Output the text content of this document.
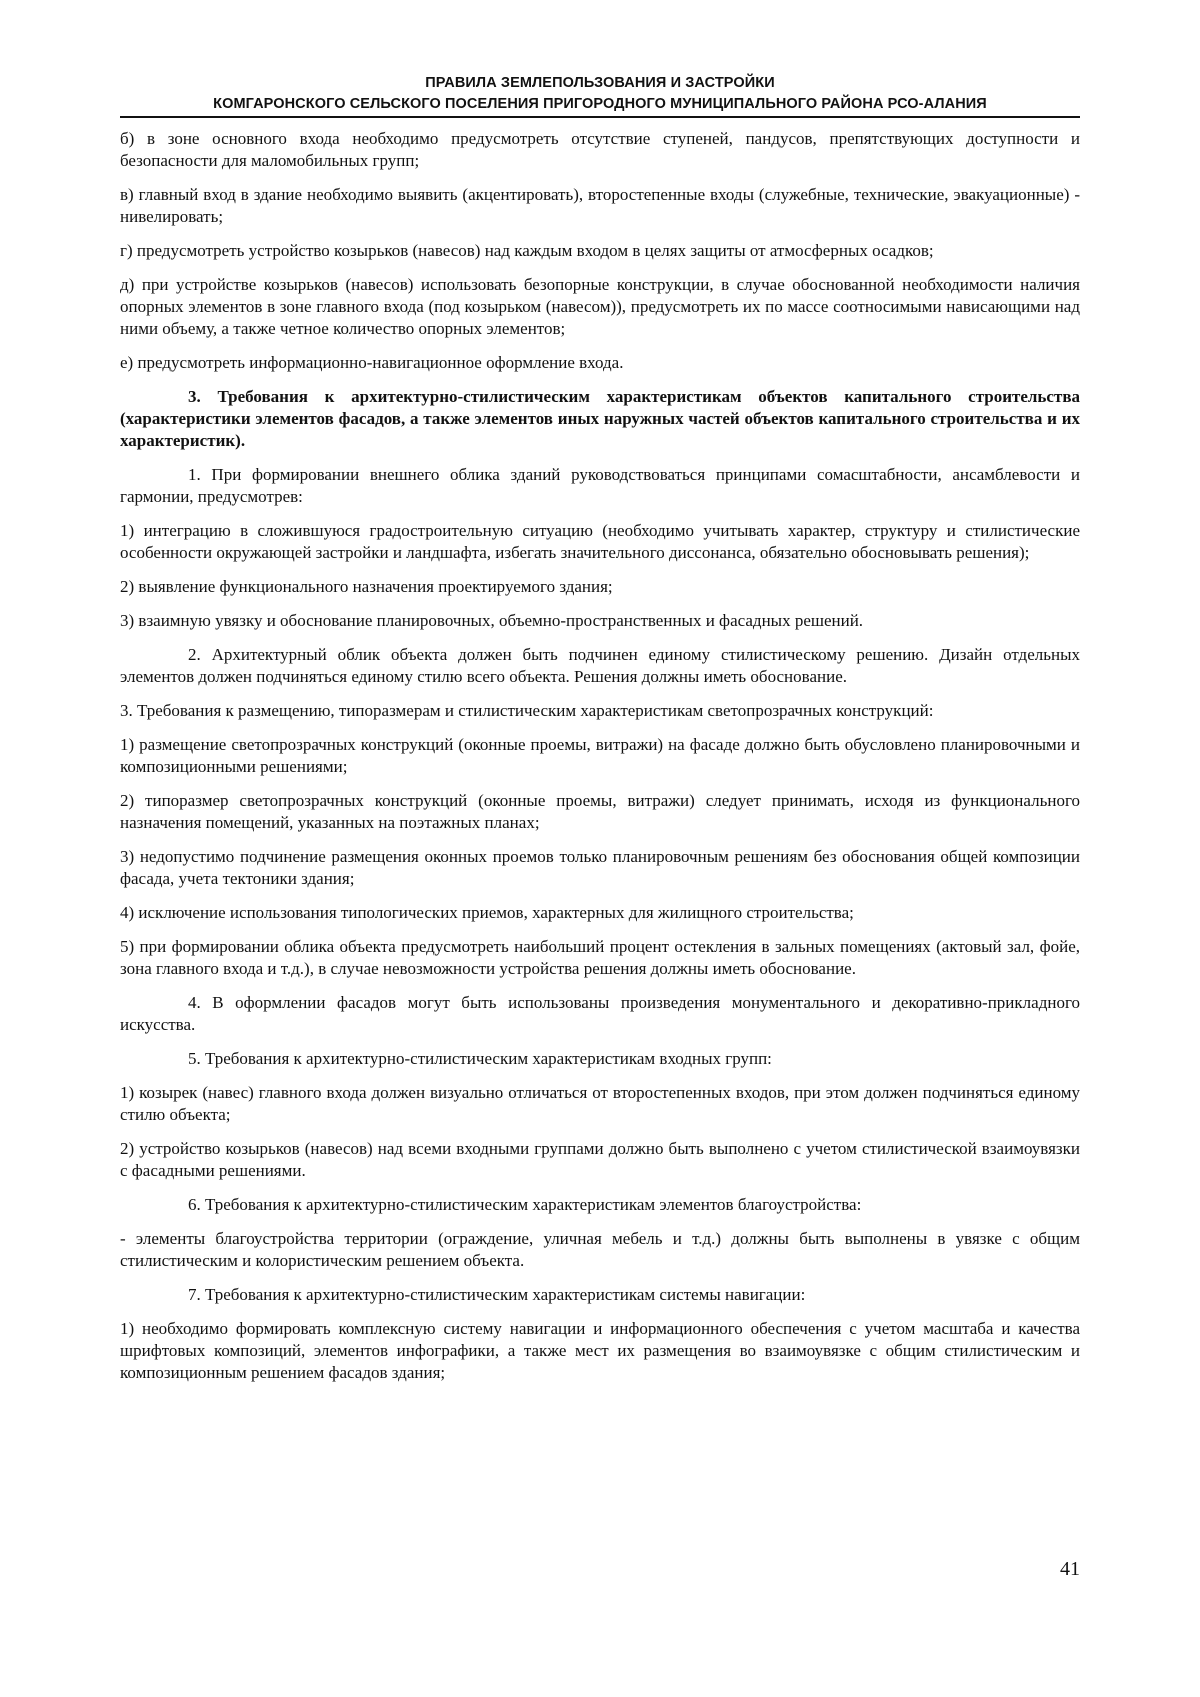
ПРАВИЛА ЗЕМЛЕПОЛЬЗОВАНИЯ И ЗАСТРОЙКИ
КОМГАРОНСКОГО СЕЛЬСКОГО ПОСЕЛЕНИЯ ПРИГОРОДНОГО МУНИЦИПАЛЬНОГО РАЙОНА РСО-АЛАНИЯ

б) в зоне основного входа необходимо предусмотреть отсутствие ступеней, пандусов, препятствующих доступности и безопасности для маломобильных групп;

в) главный вход в здание необходимо выявить (акцентировать), второстепенные входы (служебные, технические, эвакуационные) - нивелировать;

г) предусмотреть устройство козырьков (навесов) над каждым входом в целях защиты от атмосферных осадков;

д) при устройстве козырьков (навесов) использовать безопорные конструкции, в случае обоснованной необходимости наличия опорных элементов в зоне главного входа (под козырьком (навесом)), предусмотреть их по массе соотносимыми нависающими над ними объему, а также четное количество опорных элементов;

е) предусмотреть информационно-навигационное оформление входа.

3. Требования к архитектурно-стилистическим характеристикам объектов капитального строительства (характеристики элементов фасадов, а также элементов иных наружных частей объектов капитального строительства и их характеристик).

1. При формировании внешнего облика зданий руководствоваться принципами сомасштабности, ансамблевости и гармонии, предусмотрев:

1) интеграцию в сложившуюся градостроительную ситуацию (необходимо учитывать характер, структуру и стилистические особенности окружающей застройки и ландшафта, избегать значительного диссонанса, обязательно обосновывать решения);

2) выявление функционального назначения проектируемого здания;

3) взаимную увязку и обоснование планировочных, объемно-пространственных и фасадных решений.

2. Архитектурный облик объекта должен быть подчинен единому стилистическому решению. Дизайн отдельных элементов должен подчиняться единому стилю всего объекта. Решения должны иметь обоснование.

3. Требования к размещению, типоразмерам и стилистическим характеристикам светопрозрачных конструкций:

1) размещение светопрозрачных конструкций (оконные проемы, витражи) на фасаде должно быть обусловлено планировочными и композиционными решениями;

2) типоразмер светопрозрачных конструкций (оконные проемы, витражи) следует принимать, исходя из функционального назначения помещений, указанных на поэтажных планах;

3) недопустимо подчинение размещения оконных проемов только планировочным решениям без обоснования общей композиции фасада, учета тектоники здания;

4) исключение использования типологических приемов, характерных для жилищного строительства;

5) при формировании облика объекта предусмотреть наибольший процент остекления в зальных помещениях (актовый зал, фойе, зона главного входа и т.д.), в случае невозможности устройства решения должны иметь обоснование.

4. В оформлении фасадов могут быть использованы произведения монументального и декоративно-прикладного искусства.

5. Требования к архитектурно-стилистическим характеристикам входных групп:

1) козырек (навес) главного входа должен визуально отличаться от второстепенных входов, при этом должен подчиняться единому стилю объекта;

2) устройство козырьков (навесов) над всеми входными группами должно быть выполнено с учетом стилистической взаимоувязки с фасадными решениями.

6. Требования к архитектурно-стилистическим характеристикам элементов благоустройства:

- элементы благоустройства территории (ограждение, уличная мебель и т.д.) должны быть выполнены в увязке с общим стилистическим и колористическим решением объекта.

7. Требования к архитектурно-стилистическим характеристикам системы навигации:

1) необходимо формировать комплексную систему навигации и информационного обеспечения с учетом масштаба и качества шрифтовых композиций, элементов инфографики, а также мест их размещения во взаимоувязке с общим стилистическим и композиционным решением фасадов здания;

41
